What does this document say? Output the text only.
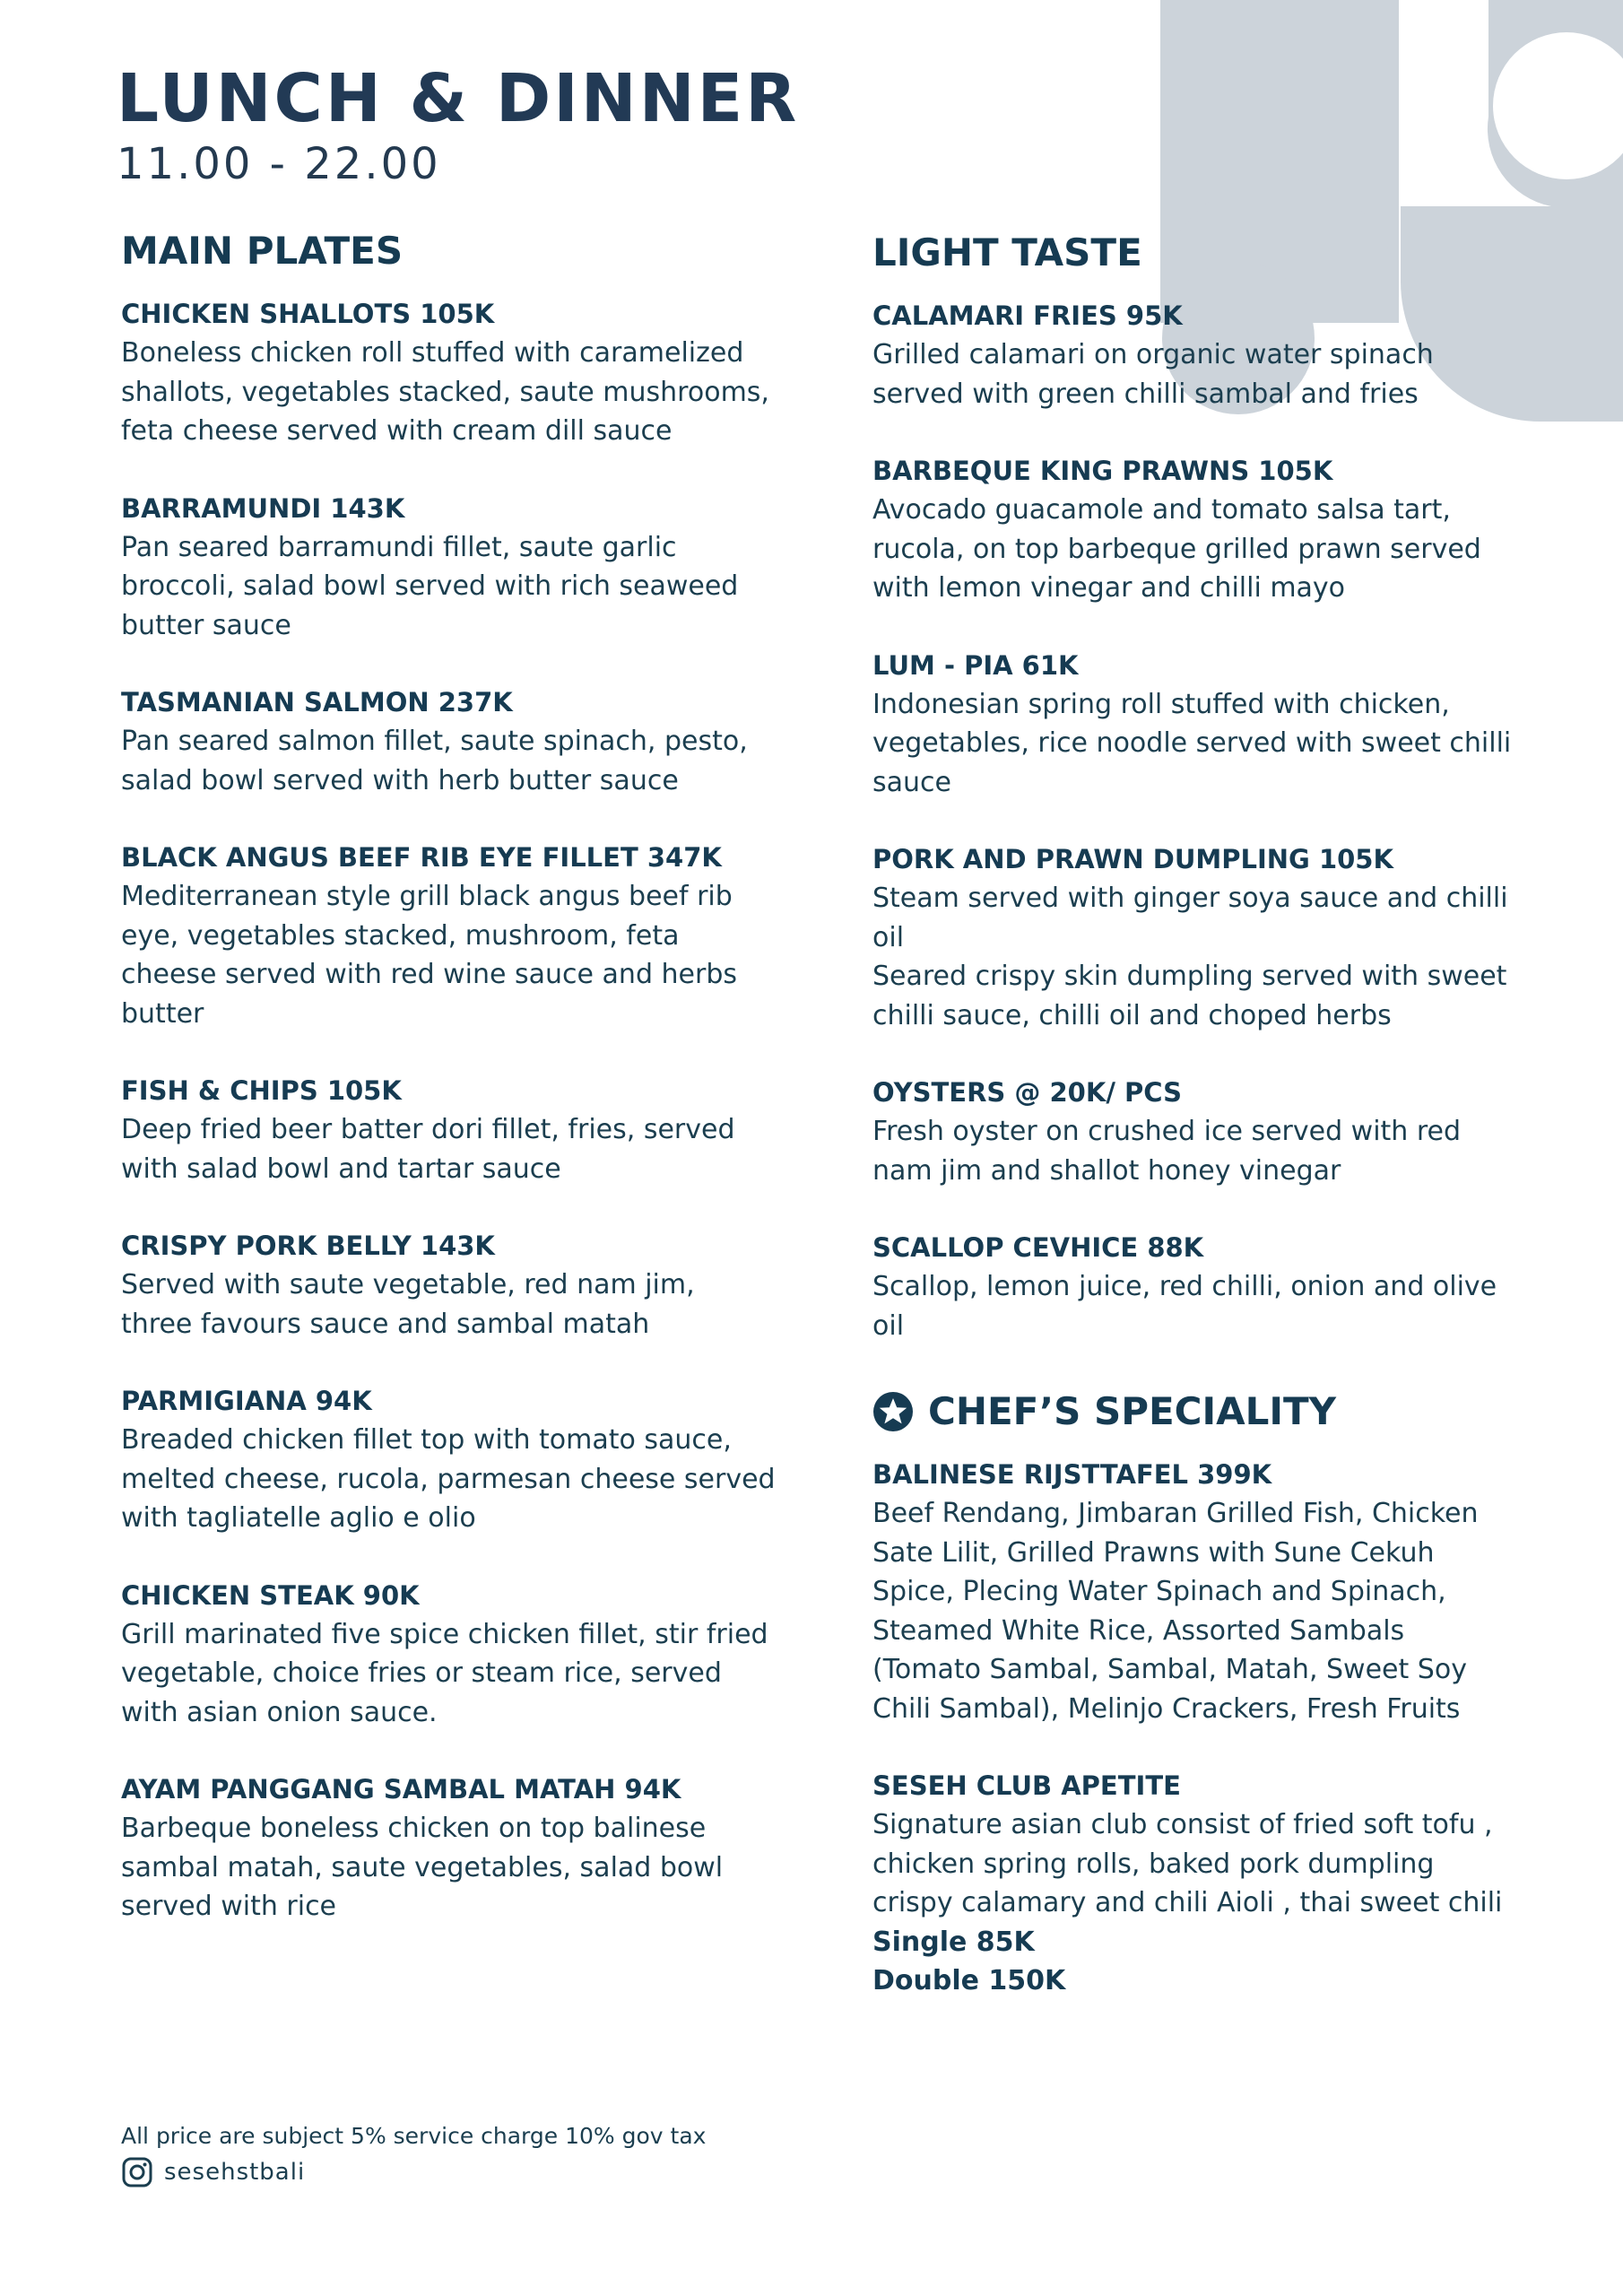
LUNCH & DINNER
11.00 - 22.00
MAIN PLATES
CHICKEN SHALLOTS 105K
Boneless chicken roll stuffed with caramelized
shallots, vegetables stacked, saute mushrooms,
feta cheese served with cream dill sauce
BARRAMUNDI 143K
Pan seared barramundi fillet, saute garlic
broccoli, salad bowl served with rich seaweed
butter sauce
TASMANIAN SALMON 237K
Pan seared salmon fillet, saute spinach, pesto,
salad bowl served with herb butter sauce
BLACK ANGUS BEEF RIB EYE FILLET 347K
Mediterranean style grill black angus beef rib
eye, vegetables stacked, mushroom, feta
cheese served with red wine sauce and herbs
butter
FISH & CHIPS 105K
Deep fried beer batter dori fillet, fries, served
with salad bowl and tartar sauce
CRISPY PORK BELLY 143K
Served with saute vegetable, red nam jim,
three favours sauce and sambal matah
PARMIGIANA 94K
Breaded chicken fillet top with tomato sauce,
melted cheese, rucola, parmesan cheese served
with tagliatelle aglio e olio
CHICKEN STEAK 90K
Grill marinated five spice chicken fillet, stir fried
vegetable, choice fries or steam rice, served
with asian onion sauce.
AYAM PANGGANG SAMBAL MATAH 94K
Barbeque boneless chicken on top balinese
sambal matah, saute vegetables, salad bowl
served with rice
LIGHT TASTE
CALAMARI FRIES 95K
Grilled calamari on organic water spinach
served with green chilli sambal and fries
BARBEQUE KING PRAWNS 105K
Avocado guacamole and tomato salsa tart,
rucola, on top barbeque grilled prawn served
with lemon vinegar and chilli mayo
LUM - PIA 61K
Indonesian spring roll stuffed with chicken,
vegetables, rice noodle served with sweet chilli
sauce
PORK AND PRAWN DUMPLING 105K
Steam served with ginger soya sauce and chilli
oil
Seared crispy skin dumpling served with sweet
chilli sauce, chilli oil and choped herbs
OYSTERS @ 20K/ PCS
Fresh oyster on crushed ice served with red
nam jim and shallot honey vinegar
SCALLOP CEVHICE 88K
Scallop, lemon juice, red chilli, onion and olive
oil
CHEF’S SPECIALITY
BALINESE RIJSTTAFEL 399K
Beef Rendang, Jimbaran Grilled Fish, Chicken
Sate Lilit, Grilled Prawns with Sune Cekuh
Spice, Plecing Water Spinach and Spinach,
Steamed White Rice, Assorted Sambals
(Tomato Sambal, Sambal, Matah, Sweet Soy
Chili Sambal), Melinjo Crackers, Fresh Fruits
SESEH CLUB APETITE
Signature asian club consist of fried soft tofu ,
chicken spring rolls, baked pork dumpling
crispy calamary and chili Aioli , thai sweet chili
Single 85K
Double 150K
All price are subject 5% service charge 10% gov tax
sesehstbali
